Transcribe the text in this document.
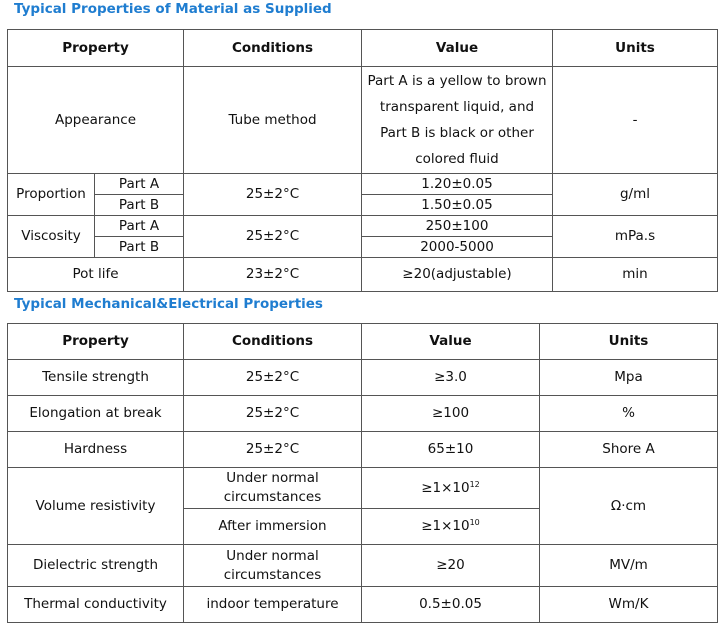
Typical Properties of Material as Supplied
Property		Conditions	Value	Units
Appearance		Tube method	Part A is a yellow to brown transparent liquid, and Part B is black or other colored fluid	-
Proportion	Part A	25±2°C	1.20±0.05	g/ml
	Part B		1.50±0.05	
Viscosity	Part A	25±2°C	250±100	mPa.s
	Part B		2000-5000	
Pot life		23±2°C	≥20(adjustable)	min
Typical Mechanical&Electrical Properties
Property	Conditions	Value	Units
Tensile strength	25±2°C	≥3.0	Mpa
Elongation at break	25±2°C	≥100	%
Hardness	25±2°C	65±10	Shore A
Volume resistivity	Under normal circumstances	$\ge 1\times 10^{12}$	Ω·cm
	After immersion	$\ge 1\times 10^{10}$
Dielectric strength	Under normal circumstances	≥20	MV/m
Thermal conductivity	indoor temperature	0.5±0.05	Wm/K
